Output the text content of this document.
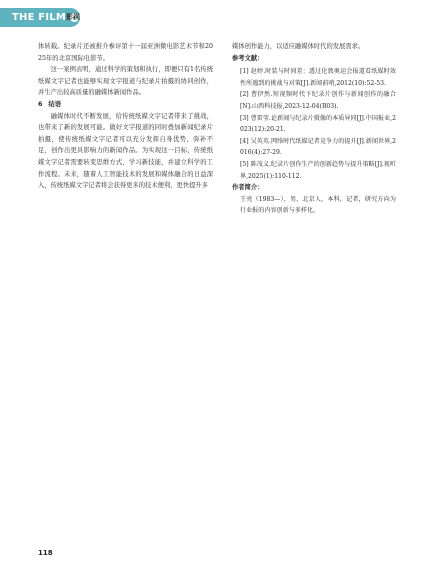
THE FILM 影视

体转载。纪录片还被推介参评第十一届亚洲微电影艺术节和2025年的北京国际电影节。

这一案例表明，通过科学的策划和执行，即便只有1名传统纸媒文字记者也能够实现文字报道与纪录片拍摄的协同创作，并生产出较高质量的融媒体新闻作品。

6 结语

融媒体时代不断发展，给传统纸媒文字记者带来了挑战，也带来了新的发展可能。做好文字报道的同时叠加新闻纪录片拍摄，使传统纸媒文字记者可以充分发挥自身优势，弥补不足，创作出更具影响力的新闻作品。为实现这一目标，传统纸媒文字记者需要转变思维方式，学习新技能，并建立科学的工作流程。未来，随着人工智能技术的发展和媒体融合的日益深入，传统纸媒文字记者将会获得更多的技术便利，更快提升多

媒体创作能力，以适应融媒体时代的发展需求。

参考文献：

[1] 赵婷.时装与时间差：透过伦敦奥运会报道看纸媒时效性所遇到的挑战与对策[J].新闻前哨,2012(10):52-53.

[2] 曹伊然.短视频时代下纪录片创作与新闻创作的融合[N].山西科技报,2023-12-04(B03).

[3] 曹雷莹.论新闻与纪录片摄像的本质异同[J].中国报业,2023(12):20-21.

[4] 吴英英.网络时代纸媒记者竞争力的提升[J].新闻世界,2016(4):27-29.

[5] 陈茂义.纪录片创作生产的创新趋势与提升策略[J].视听界,2025(1):110-112.

作者简介：

王亮（1983—），男，北京人，本科，记者，研究方向为行业报的内容创新与多样化。

118
